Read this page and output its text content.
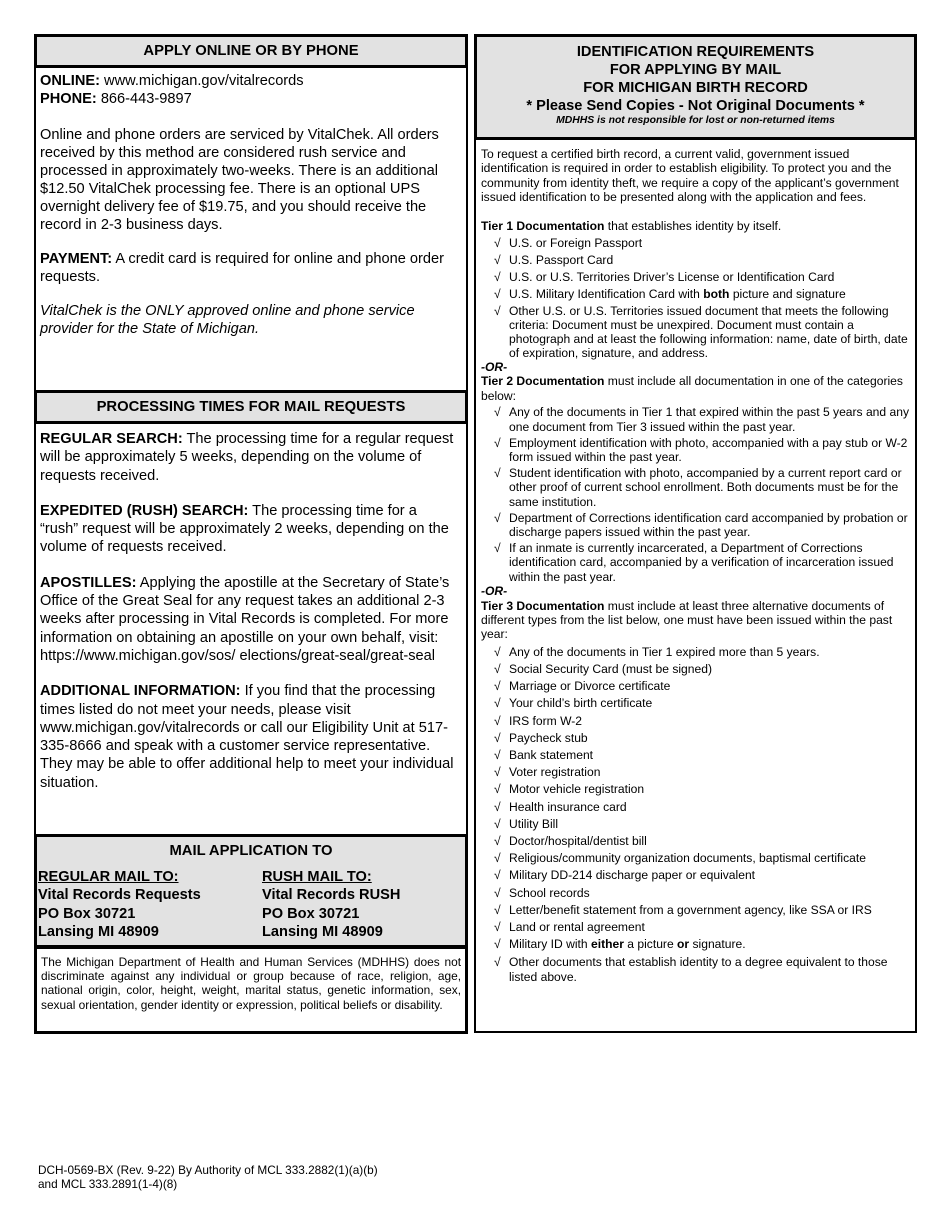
APPLY ONLINE OR BY PHONE

ONLINE: www.michigan.gov/vitalrecords

PHONE: 866-443-9897

Online and phone orders are serviced by VitalChek. All orders received by this method are considered rush service and processed in approximately two-weeks. There is an additional $12.50 VitalChek processing fee. There is an optional UPS overnight delivery fee of $19.75, and you should receive the record in 2-3 business days.

PAYMENT: A credit card is required for online and phone order requests.

VitalChek is the ONLY approved online and phone service provider for the State of Michigan.

PROCESSING TIMES FOR MAIL REQUESTS

REGULAR SEARCH: The processing time for a regular request will be approximately 5 weeks, depending on the volume of requests received.

EXPEDITED (RUSH) SEARCH: The processing time for a “rush” request will be approximately 2 weeks, depending on the volume of requests received.

APOSTILLES: Applying the apostille at the Secretary of State’s Office of the Great Seal for any request takes an additional 2-3 weeks after processing in Vital Records is completed. For more information on obtaining an apostille on your own behalf, visit: https://www.michigan.gov/sos/ elections/great-seal/great-seal

ADDITIONAL INFORMATION: If you find that the processing times listed do not meet your needs, please visit www.michigan.gov/vitalrecords or call our Eligibility Unit at 517-335-8666 and speak with a customer service representative. They may be able to offer additional help to meet your individual situation.

MAIL APPLICATION TO
REGULAR MAIL TO:
Vital Records Requests
PO Box 30721
Lansing MI 48909
RUSH MAIL TO:
Vital Records RUSH
PO Box 30721
Lansing MI 48909
The Michigan Department of Health and Human Services (MDHHS) does not discriminate against any individual or group because of race, religion, age, national origin, color, height, weight, marital status, genetic information, sex, sexual orientation, gender identity or expression, political beliefs or disability.
IDENTIFICATION REQUIREMENTS
FOR APPLYING BY MAIL
FOR MICHIGAN BIRTH RECORD
* Please Send Copies - Not Original Documents *
MDHHS is not responsible for lost or non-returned items

To request a certified birth record, a current valid, government issued identification is required in order to establish eligibility. To protect you and the community from identity theft, we require a copy of the applicant’s government issued identification to be presented along with the application and fees.

Tier 1 Documentation that establishes identity by itself.

√ U.S. or Foreign Passport
√ U.S. Passport Card
√ U.S. or U.S. Territories Driver’s License or Identification Card
√ U.S. Military Identification Card with both picture and signature
√ Other U.S. or U.S. Territories issued document that meets the following criteria: Document must be unexpired. Document must contain a photograph and at least the following information: name, date of birth, date of expiration, signature, and address.

-OR-

Tier 2 Documentation must include all documentation in one of the categories below:

√ Any of the documents in Tier 1 that expired within the past 5 years and any one document from Tier 3 issued within the past year.
√ Employment identification with photo, accompanied with a pay stub or W-2 form issued within the past year.
√ Student identification with photo, accompanied by a current report card or other proof of current school enrollment. Both documents must be for the same institution.
√ Department of Corrections identification card accompanied by probation or discharge papers issued within the past year.
√ If an inmate is currently incarcerated, a Department of Corrections identification card, accompanied by a verification of incarceration issued within the past year.

-OR-

Tier 3 Documentation must include at least three alternative documents of different types from the list below, one must have been issued within the past year:

√ Any of the documents in Tier 1 expired more than 5 years.
√ Social Security Card (must be signed)
√ Marriage or Divorce certificate
√ Your child’s birth certificate
√ IRS form W-2
√ Paycheck stub
√ Bank statement
√ Voter registration
√ Motor vehicle registration
√ Health insurance card
√ Utility Bill
√ Doctor/hospital/dentist bill
√ Religious/community organization documents, baptismal certificate
√ Military DD-214 discharge paper or equivalent
√ School records
√ Letter/benefit statement from a government agency, like SSA or IRS
√ Land or rental agreement
√ Military ID with either a picture or signature.
√ Other documents that establish identity to a degree equivalent to those listed above.
DCH-0569-BX (Rev. 9-22) By Authority of MCL 333.2882(1)(a)(b)
and MCL 333.2891(1-4)(8)
